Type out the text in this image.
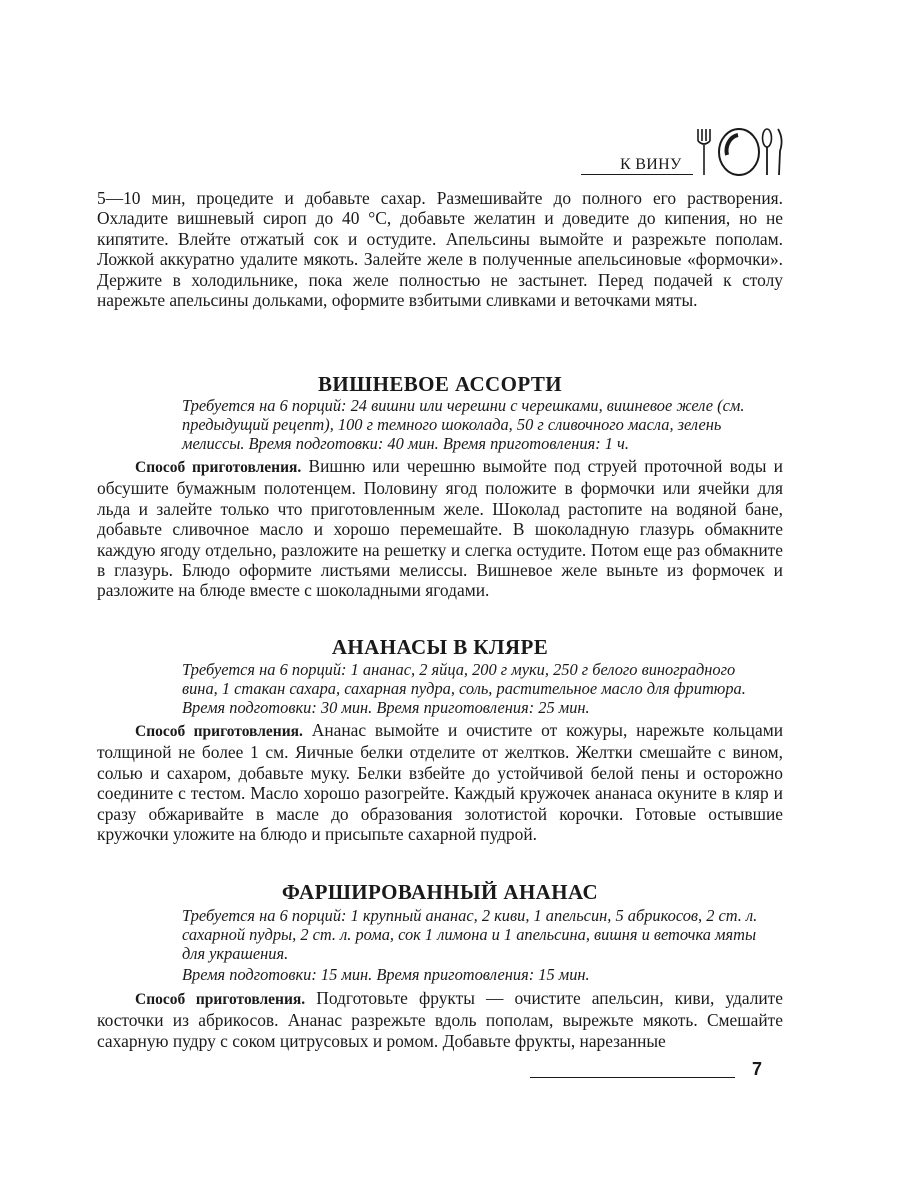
К ВИНУ

5—10 мин, процедите и добавьте сахар. Размешивайте до полного его растворения. Охладите вишневый сироп до 40 °С, добавьте желатин и доведите до кипения, но не кипятите. Влейте отжатый сок и остудите. Апельсины вымойте и разрежьте пополам. Ложкой аккуратно удалите мякоть. Залейте желе в полученные апельсиновые «формочки». Держите в холодильнике, пока желе полностью не застынет. Перед подачей к столу нарежьте апельсины дольками, оформите взбитыми сливками и веточками мяты.

ВИШНЕВОЕ АССОРТИ

Требуется на 6 порций: 24 вишни или черешни с черешками, вишневое желе (см. предыдущий рецепт), 100 г темного шоколада, 50 г сливочного масла, зелень мелиссы. Время подготовки: 40 мин. Время приготовления: 1 ч.

Способ приготовления. Вишню или черешню вымойте под струей проточной воды и обсушите бумажным полотенцем. Половину ягод положите в формочки или ячейки для льда и залейте только что приготовленным желе. Шоколад растопите на водяной бане, добавьте сливочное масло и хорошо перемешайте. В шоколадную глазурь обмакните каждую ягоду отдельно, разложите на решетку и слегка остудите. Потом еще раз обмакните в глазурь. Блюдо оформите листьями мелиссы. Вишневое желе выньте из формочек и разложите на блюде вместе с шоколадными ягодами.

АНАНАСЫ В КЛЯРЕ

Требуется на 6 порций: 1 ананас, 2 яйца, 200 г муки, 250 г белого виноградного вина, 1 стакан сахара, сахарная пудра, соль, растительное масло для фритюра. Время подготовки: 30 мин. Время приготовления: 25 мин.

Способ приготовления. Ананас вымойте и очистите от кожуры, нарежьте кольцами толщиной не более 1 см. Яичные белки отделите от желтков. Желтки смешайте с вином, солью и сахаром, добавьте муку. Белки взбейте до устойчивой белой пены и осторожно соедините с тестом. Масло хорошо разогрейте. Каждый кружочек ананаса окуните в кляр и сразу обжаривайте в масле до образования золотистой корочки. Готовые остывшие кружочки уложите на блюдо и присыпьте сахарной пудрой.

ФАРШИРОВАННЫЙ АНАНАС

Требуется на 6 порций: 1 крупный ананас, 2 киви, 1 апельсин, 5 абрикосов, 2 ст. л. сахарной пудры, 2 ст. л. рома, сок 1 лимона и 1 апельсина, вишня и веточка мяты для украшения.

Время подготовки: 15 мин. Время приготовления: 15 мин.

Способ приготовления. Подготовьте фрукты — очистите апельсин, киви, удалите косточки из абрикосов. Ананас разрежьте вдоль пополам, вырежьте мякоть. Смешайте сахарную пудру с соком цитрусовых и ромом. Добавьте фрукты, нарезанные

7
